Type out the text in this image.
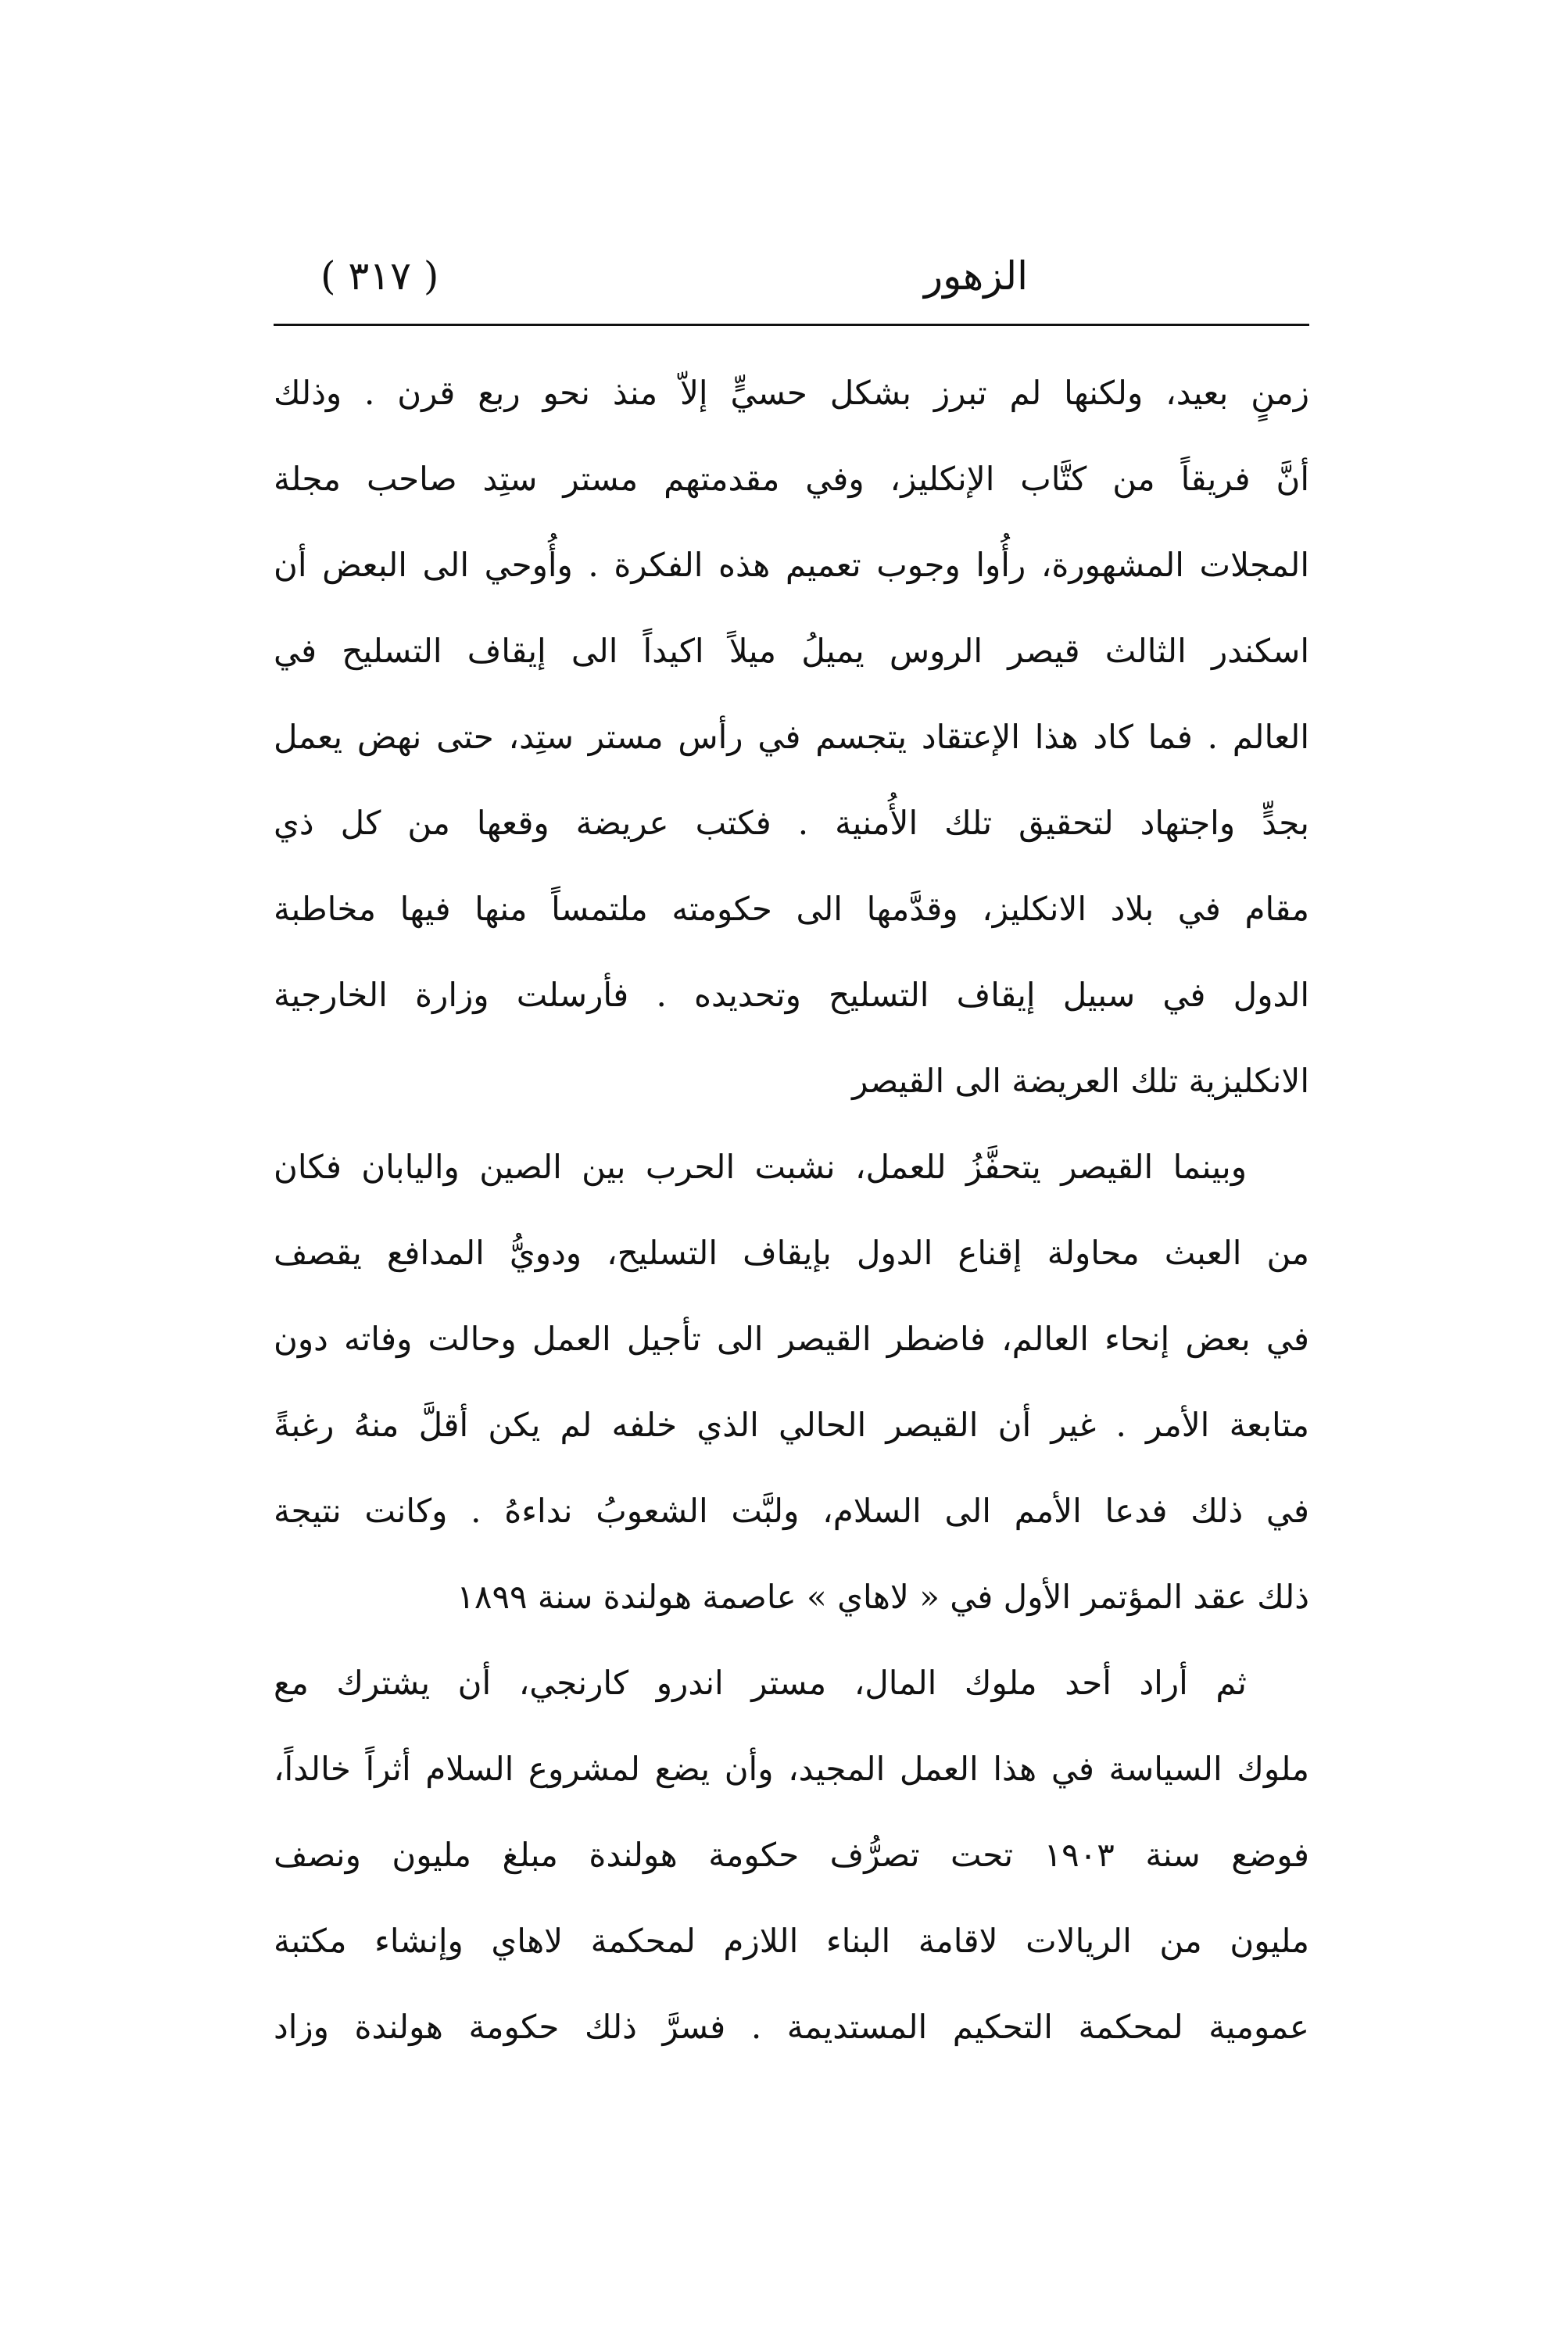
الزهور
( ٣١٧ )
زمنٍ بعيد، ولكنها لم تبرز بشكل حسيٍّ إلاّ منذ نحو ربع قرن . وذلك
أنَّ فريقاً من كتَّاب الإنكليز، وفي مقدمتهم مستر ستِد صاحب مجلة
المجلات المشهورة، رأُوا وجوب تعميم هذه الفكرة . وأُوحي الى البعض أن
اسكندر الثالث قيصر الروس يميلُ ميلاً اكيداً الى إيقاف التسليح في
العالم . فما كاد هذا الإعتقاد يتجسم في رأس مستر ستِد، حتى نهض يعمل
بجدٍّ واجتهاد لتحقيق تلك الأُمنية . فكتب عريضة وقعها من كل ذي
مقام في بلاد الانكليز، وقدَّمها الى حكومته ملتمساً منها فيها مخاطبة
الدول في سبيل إيقاف التسليح وتحديده . فأرسلت وزارة الخارجية
الانكليزية تلك العريضة الى القيصر
وبينما القيصر يتحفَّزُ للعمل، نشبت الحرب بين الصين واليابان فكان
من العبث محاولة إقناع الدول بإيقاف التسليح، ودويُّ المدافع يقصف
في بعض إنحاء العالم، فاضطر القيصر الى تأجيل العمل وحالت وفاته دون
متابعة الأمر . غير أن القيصر الحالي الذي خلفه لم يكن أقلَّ منهُ رغبةً
في ذلك فدعا الأمم الى السلام، ولبَّت الشعوبُ نداءهُ . وكانت نتيجة
ذلك عقد المؤتمر الأول في « لاهاي » عاصمة هولندة سنة ١٨٩٩
ثم أراد أحد ملوك المال، مستر اندرو كارنجي، أن يشترك مع
ملوك السياسة في هذا العمل المجيد، وأن يضع لمشروع السلام أثراً خالداً،
فوضع سنة ١٩٠٣ تحت تصرُّف حكومة هولندة مبلغ مليون ونصف
مليون من الريالات لاقامة البناء اللازم لمحكمة لاهاي وإنشاء مكتبة
عمومية لمحكمة التحكيم المستديمة . فسرَّ ذلك حكومة هولندة وزاد
